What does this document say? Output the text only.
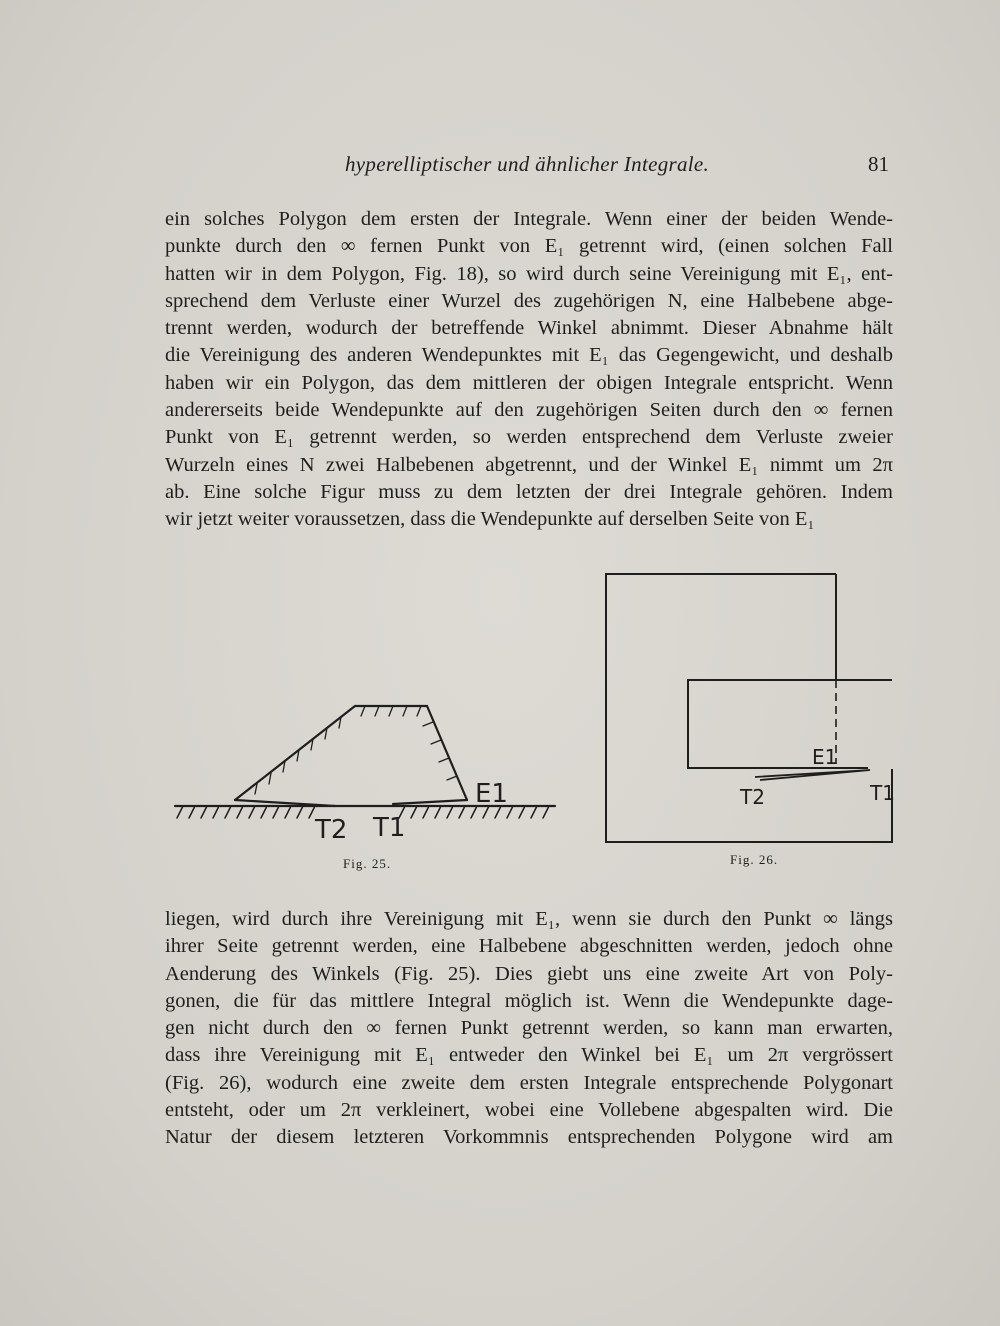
hyperelliptischer und ähnlicher Integrale.	81
ein solches Polygon dem ersten der Integrale. Wenn einer der beiden Wende-
punkte durch den ∞ fernen Punkt von E₁ getrennt wird, (einen solchen Fall
hatten wir in dem Polygon, Fig. 18), so wird durch seine Vereinigung mit E₁, ent-
sprechend dem Verluste einer Wurzel des zugehörigen N, eine Halbebene abge-
trennt werden, wodurch der betreffende Winkel abnimmt. Dieser Abnahme hält
die Vereinigung des anderen Wendepunktes mit E₁ das Gegengewicht, und deshalb
haben wir ein Polygon, das dem mittleren der obigen Integrale entspricht. Wenn
andererseits beide Wendepunkte auf den zugehörigen Seiten durch den ∞ fernen
Punkt von E₁ getrennt werden, so werden entsprechend dem Verluste zweier
Wurzeln eines N zwei Halbebenen abgetrennt, und der Winkel E₁ nimmt um 2π
ab. Eine solche Figur muss zu dem letzten der drei Integrale gehören. Indem
wir jetzt weiter voraussetzen, dass die Wendepunkte auf derselben Seite von E₁
E1
T2 T1
Fig. 25.
E1
T2	T1
Fig. 26.
liegen, wird durch ihre Vereinigung mit E₁, wenn sie durch den Punkt ∞ längs
ihrer Seite getrennt werden, eine Halbebene abgeschnitten werden, jedoch ohne
Aenderung des Winkels (Fig. 25). Dies giebt uns eine zweite Art von Poly-
gonen, die für das mittlere Integral möglich ist. Wenn die Wendepunkte dage-
gen nicht durch den ∞ fernen Punkt getrennt werden, so kann man erwarten,
dass ihre Vereinigung mit E₁ entweder den Winkel bei E₁ um 2π vergrössert
(Fig. 26), wodurch eine zweite dem ersten Integrale entsprechende Polygonart
entsteht, oder um 2π verkleinert, wobei eine Vollebene abgespalten wird. Die
Natur der diesem letzteren Vorkommnis entsprechenden Polygone wird am
